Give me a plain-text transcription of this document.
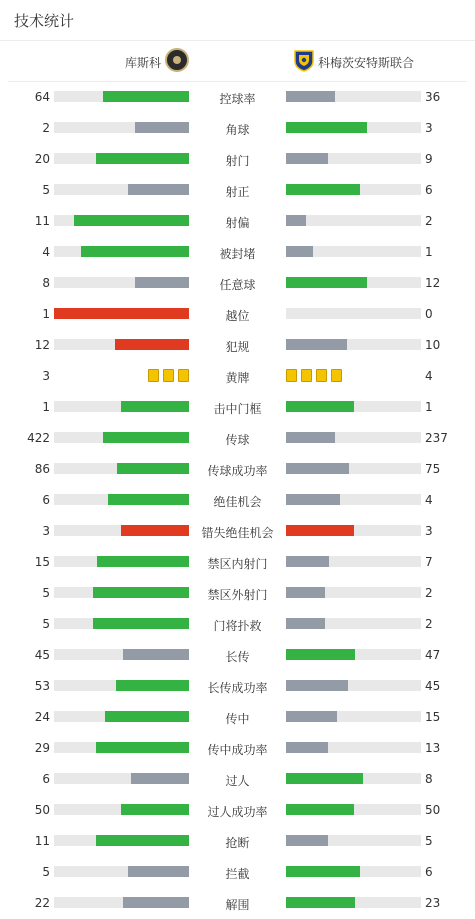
技术统计
库斯科	科梅茨安特斯联合
64	控球率	36
2	角球	3
20	射门	9
5	射正	6
11	射偏	2
4	被封堵	1
8	任意球	12
1	越位	0
12	犯规	10
3	黄牌	4
1	击中门框	1
422	传球	237
86	传球成功率	75
6	绝佳机会	4
3	错失绝佳机会	3
15	禁区内射门	7
5	禁区外射门	2
5	门将扑救	2
45	长传	47
53	长传成功率	45
24	传中	15
29	传中成功率	13
6	过人	8
50	过人成功率	50
11	抢断	5
5	拦截	6
22	解围	23
